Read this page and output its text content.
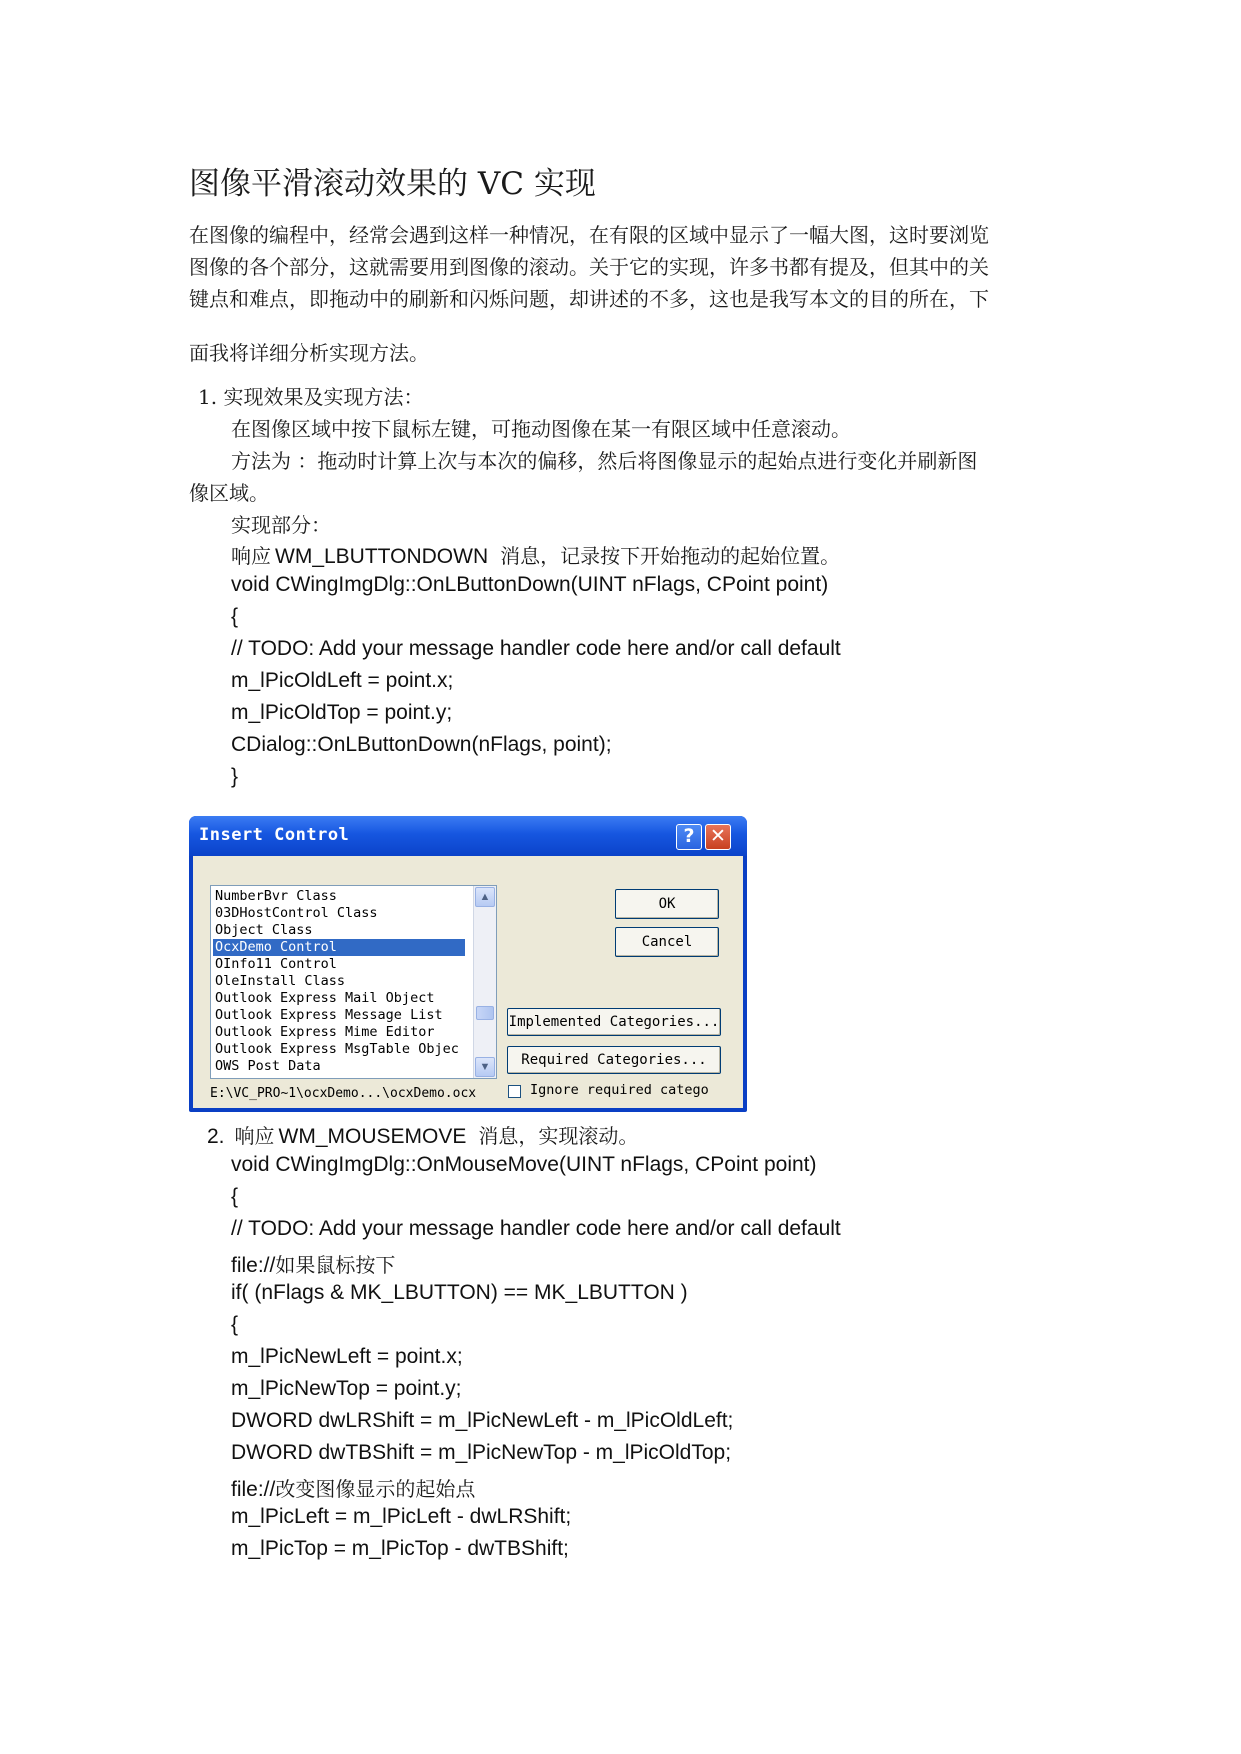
图像平滑滚动效果的 VC 实现
在图像的编程中，经常会遇到这样一种情况，在有限的区域中显示了一幅大图，这时要浏览
图像的各个部分，这就需要用到图像的滚动。关于它的实现，许多书都有提及，但其中的关
键点和难点，即拖动中的刷新和闪烁问题，却讲述的不多，这也是我写本文的目的所在，下
面我将详细分析实现方法。
1. 实现效果及实现方法：
在图像区域中按下鼠标左键，可拖动图像在某一有限区域中任意滚动。
方法为 ：拖动时计算上次与本次的偏移，然后将图像显示的起始点进行变化并刷新图
像区域。
实现部分：
响应 WM_LBUTTONDOWN 消息，记录按下开始拖动的起始位置。
void CWingImgDlg::OnLButtonDown(UINT nFlags, CPoint point)
{
// TODO: Add your message handler code here and/or call default
m_lPicOldLeft = point.x;
m_lPicOldTop = point.y;
CDialog::OnLButtonDown(nFlags, point);
}
Insert Control	? ✕
NumberBvr Class
03DHostControl Class
Object Class
OcxDemo Control
OInfo11 Control
OleInstall Class
Outlook Express Mail Object
Outlook Express Message List
Outlook Express Mime Editor
Outlook Express MsgTable Objec
OWS Post Data
▲
▼
OK
Cancel
Implemented Categories...
Required Categories...
E:\VC_PRO~1\ocxDemo...\ocxDemo.ocx	Ignore required catego
2. 响应 WM_MOUSEMOVE 消息，实现滚动。
void CWingImgDlg::OnMouseMove(UINT nFlags, CPoint point)
{
// TODO: Add your message handler code here and/or call default
file://如果鼠标按下
if( (nFlags & MK_LBUTTON) == MK_LBUTTON )
{
m_lPicNewLeft = point.x;
m_lPicNewTop = point.y;
DWORD dwLRShift = m_lPicNewLeft - m_lPicOldLeft;
DWORD dwTBShift = m_lPicNewTop - m_lPicOldTop;
file://改变图像显示的起始点
m_lPicLeft = m_lPicLeft - dwLRShift;
m_lPicTop = m_lPicTop - dwTBShift;
